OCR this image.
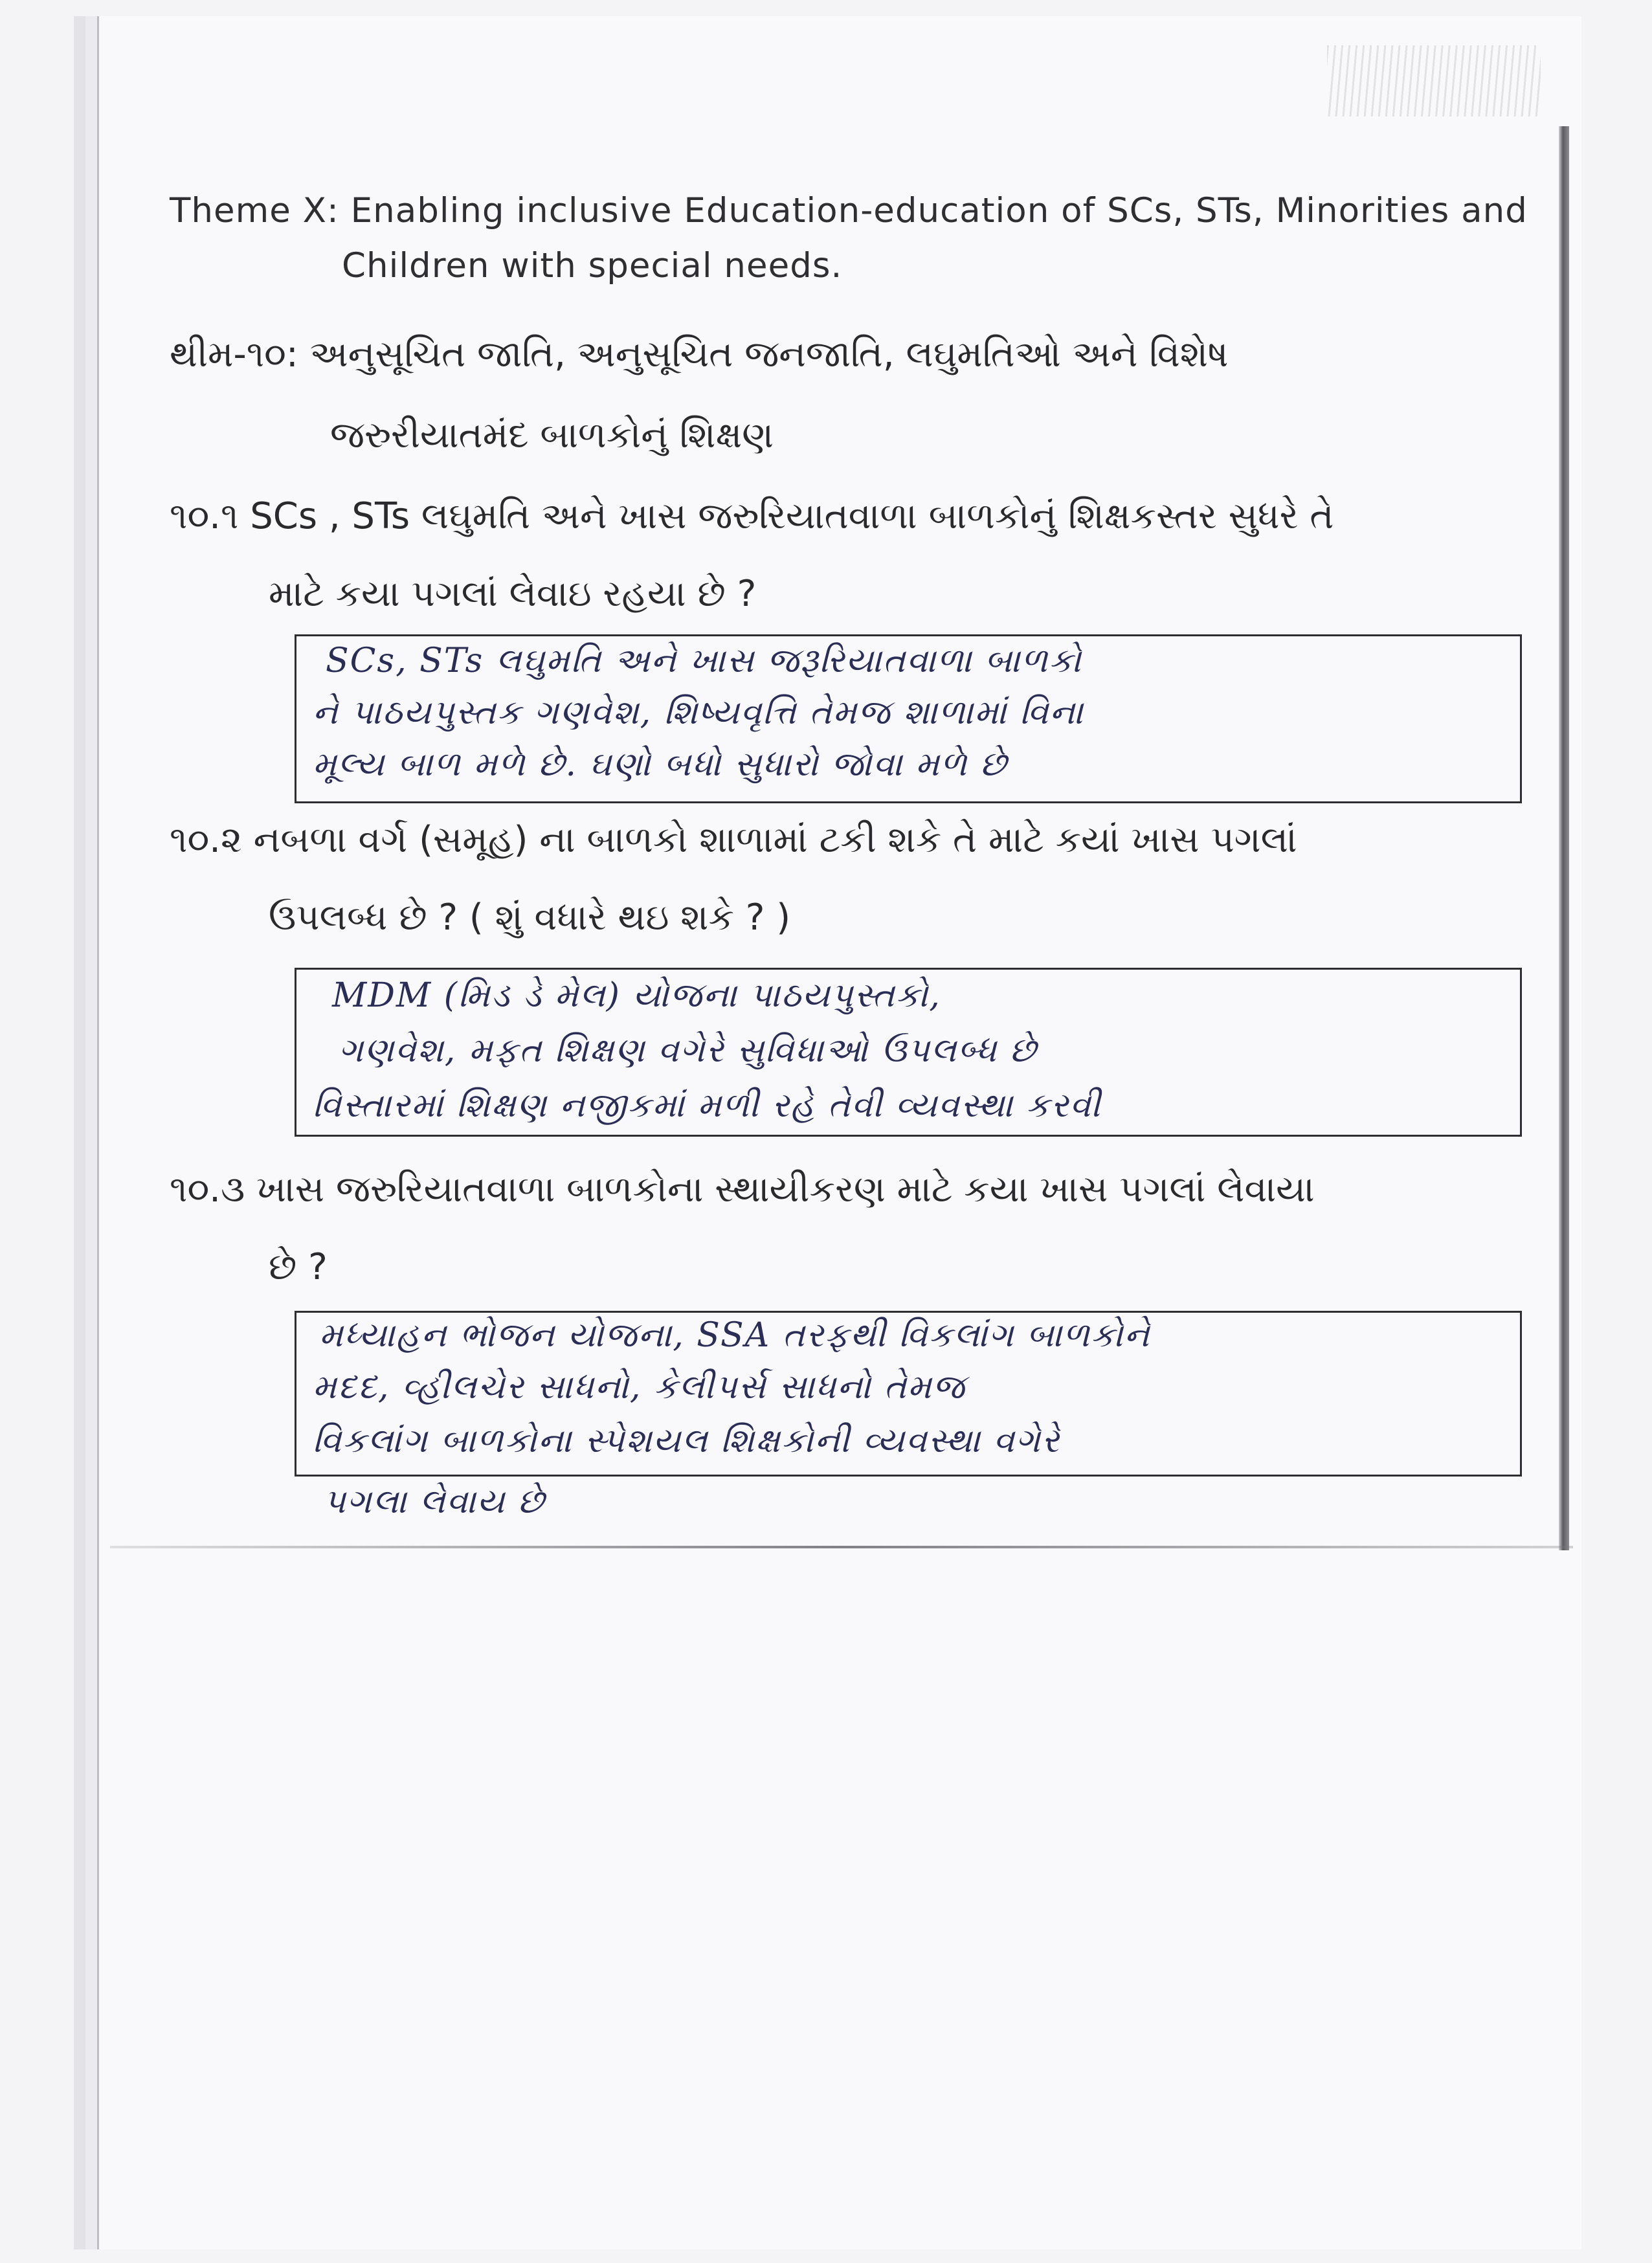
Theme X: Enabling inclusive Education-education of SCs, STs, Minorities and
Children with special needs.
થીમ-૧૦: અનુસૂચિત જાતિ, અનુસૂચિત જનજાતિ, લઘુમતિઓ અને વિશેષ
જરુરીયાતમંદ બાળકોનું શિક્ષણ
૧૦.૧ SCs , STs લઘુમતિ અને ખાસ જરુરિયાતવાળા બાળકોનું શિક્ષકસ્તર સુધરે તે
માટે કયા પગલાં લેવાઇ રહયા છે ?
SCs, STs લઘુમતિ અને ખાસ જરૂરિયાતવાળા બાળકો
ને પાઠયપુસ્તક ગણવેશ, શિષ્યવૃત્તિ તેમજ શાળામાં વિના
મૂલ્ય બાળ મળે છે. ઘણો બધો સુધારો જોવા મળે છે
૧૦.૨ નબળા વર્ગ (સમૂહ) ના બાળકો શાળામાં ટકી શકે તે માટે કયાં ખાસ પગલાં
ઉપલબ્ધ છે ? ( શું વધારે થઇ શકે ? )
MDM (મિડ ડે મેલ) યોજના પાઠયપુસ્તકો,
ગણવેશ, મફત શિક્ષણ વગેરે સુવિધાઓ ઉપલબ્ધ છે
વિસ્તારમાં શિક્ષણ નજીકમાં મળી રહે તેવી વ્યવસ્થા કરવી
૧૦.૩ ખાસ જરુરિયાતવાળા બાળકોના સ્થાયીકરણ માટે કયા ખાસ પગલાં લેવાયા
છે ?
મધ્યાહન ભોજન યોજના, SSA તરફથી વિકલાંગ બાળકોને
મદદ, વ્હીલચેર સાધનો, કેલીપર્સ સાધનો તેમજ
વિકલાંગ બાળકોના સ્પેશયલ શિક્ષકોની વ્યવસ્થા વગેરે
પગલા લેવાય છે
